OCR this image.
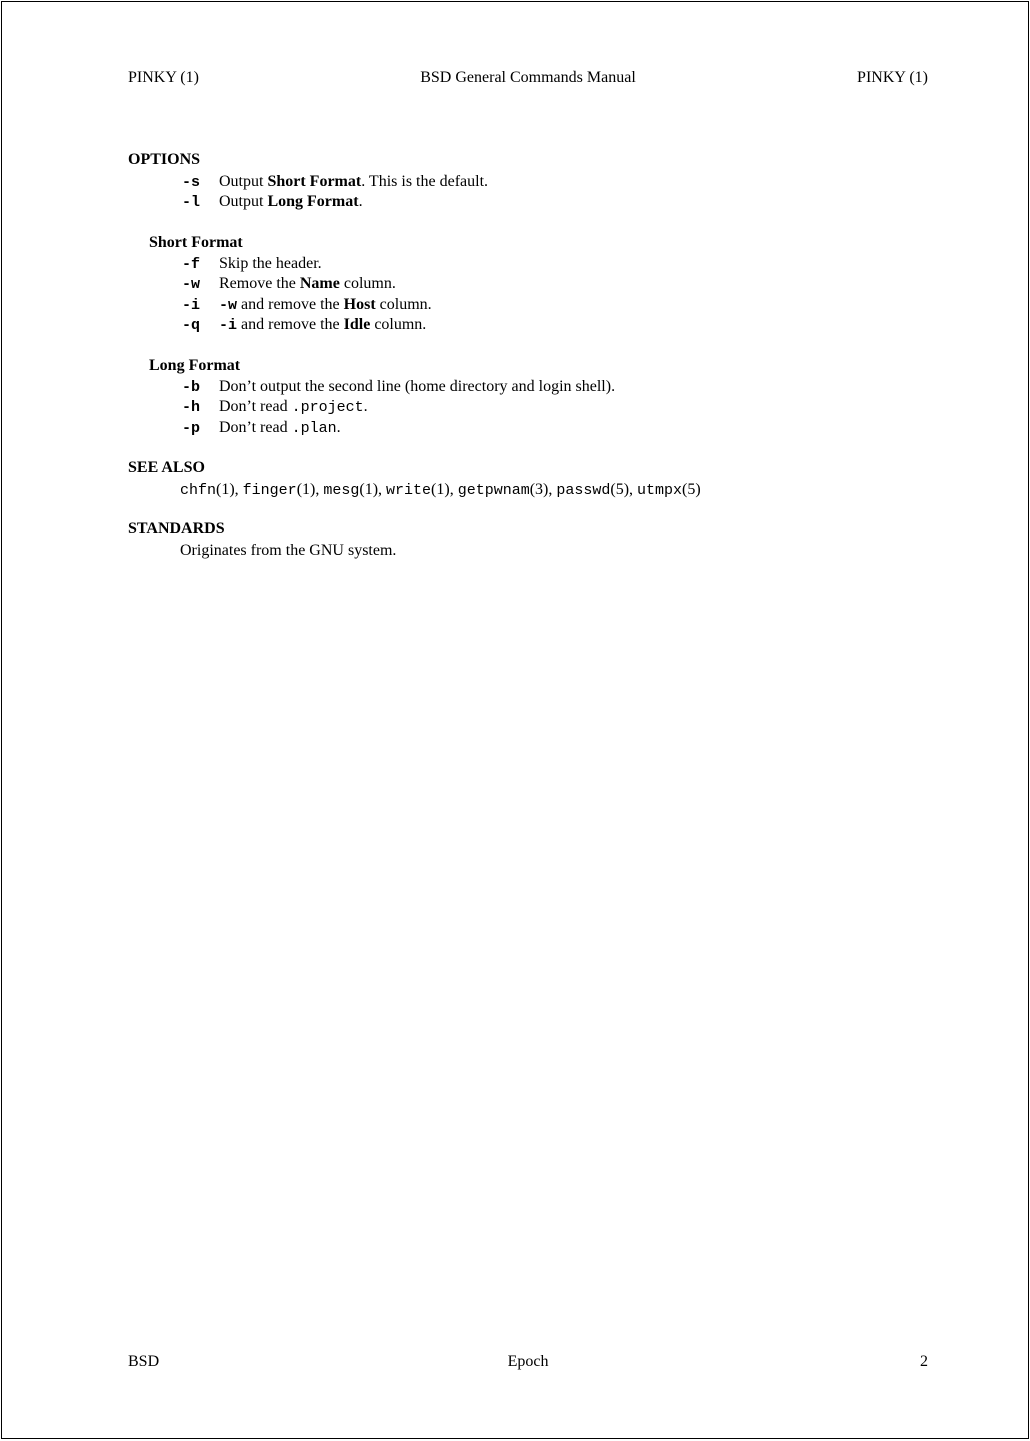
PINKY (1)	BSD General Commands Manual	PINKY (1)
OPTIONS
-s Output Short Format. This is the default.
-l Output Long Format.
Short Format
-f Skip the header.
-w Remove the Name column.
-i -w and remove the Host column.
-q -i and remove the Idle column.
Long Format
-b Don’t output the second line (home directory and login shell).
-h Don’t read .project.
-p Don’t read .plan.
SEE ALSO
chfn(1), finger(1), mesg(1), write(1), getpwnam(3), passwd(5), utmpx(5)
STANDARDS
Originates from the GNU system.
BSD	Epoch	2
